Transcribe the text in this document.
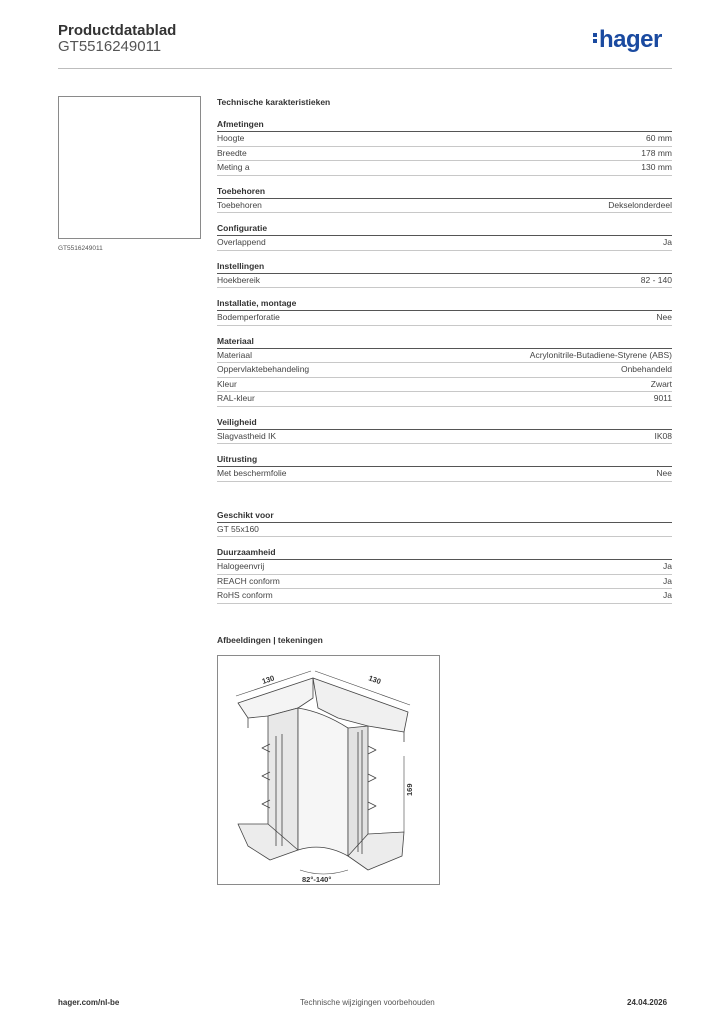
Productdatablad
GT5516249011	hager
GT5516249011
Technische karakteristieken
Afmetingen
Hoogte	60 mm
Breedte	178 mm
Meting a	130 mm
Toebehoren
Toebehoren	Dekselonderdeel
Configuratie
Overlappend	Ja
Instellingen
Hoekbereik	82 - 140
Installatie, montage
Bodemperforatie	Nee
Materiaal
Materiaal	Acrylonitrile-Butadiene-Styrene (ABS)
Oppervlaktebehandeling	Onbehandeld
Kleur	Zwart
RAL-kleur	9011
Veiligheid
Slagvastheid IK	IK08
Uitrusting
Met beschermfolie	Nee
Geschikt voor
GT 55x160
Duurzaamheid
Halogeenvrij	Ja
REACH conform	Ja
RoHS conform	Ja
Afbeeldingen | tekeningen
130	130
169
82°-140°
hager.com/nl-be	Technische wijzigingen voorbehouden	24.04.2026
